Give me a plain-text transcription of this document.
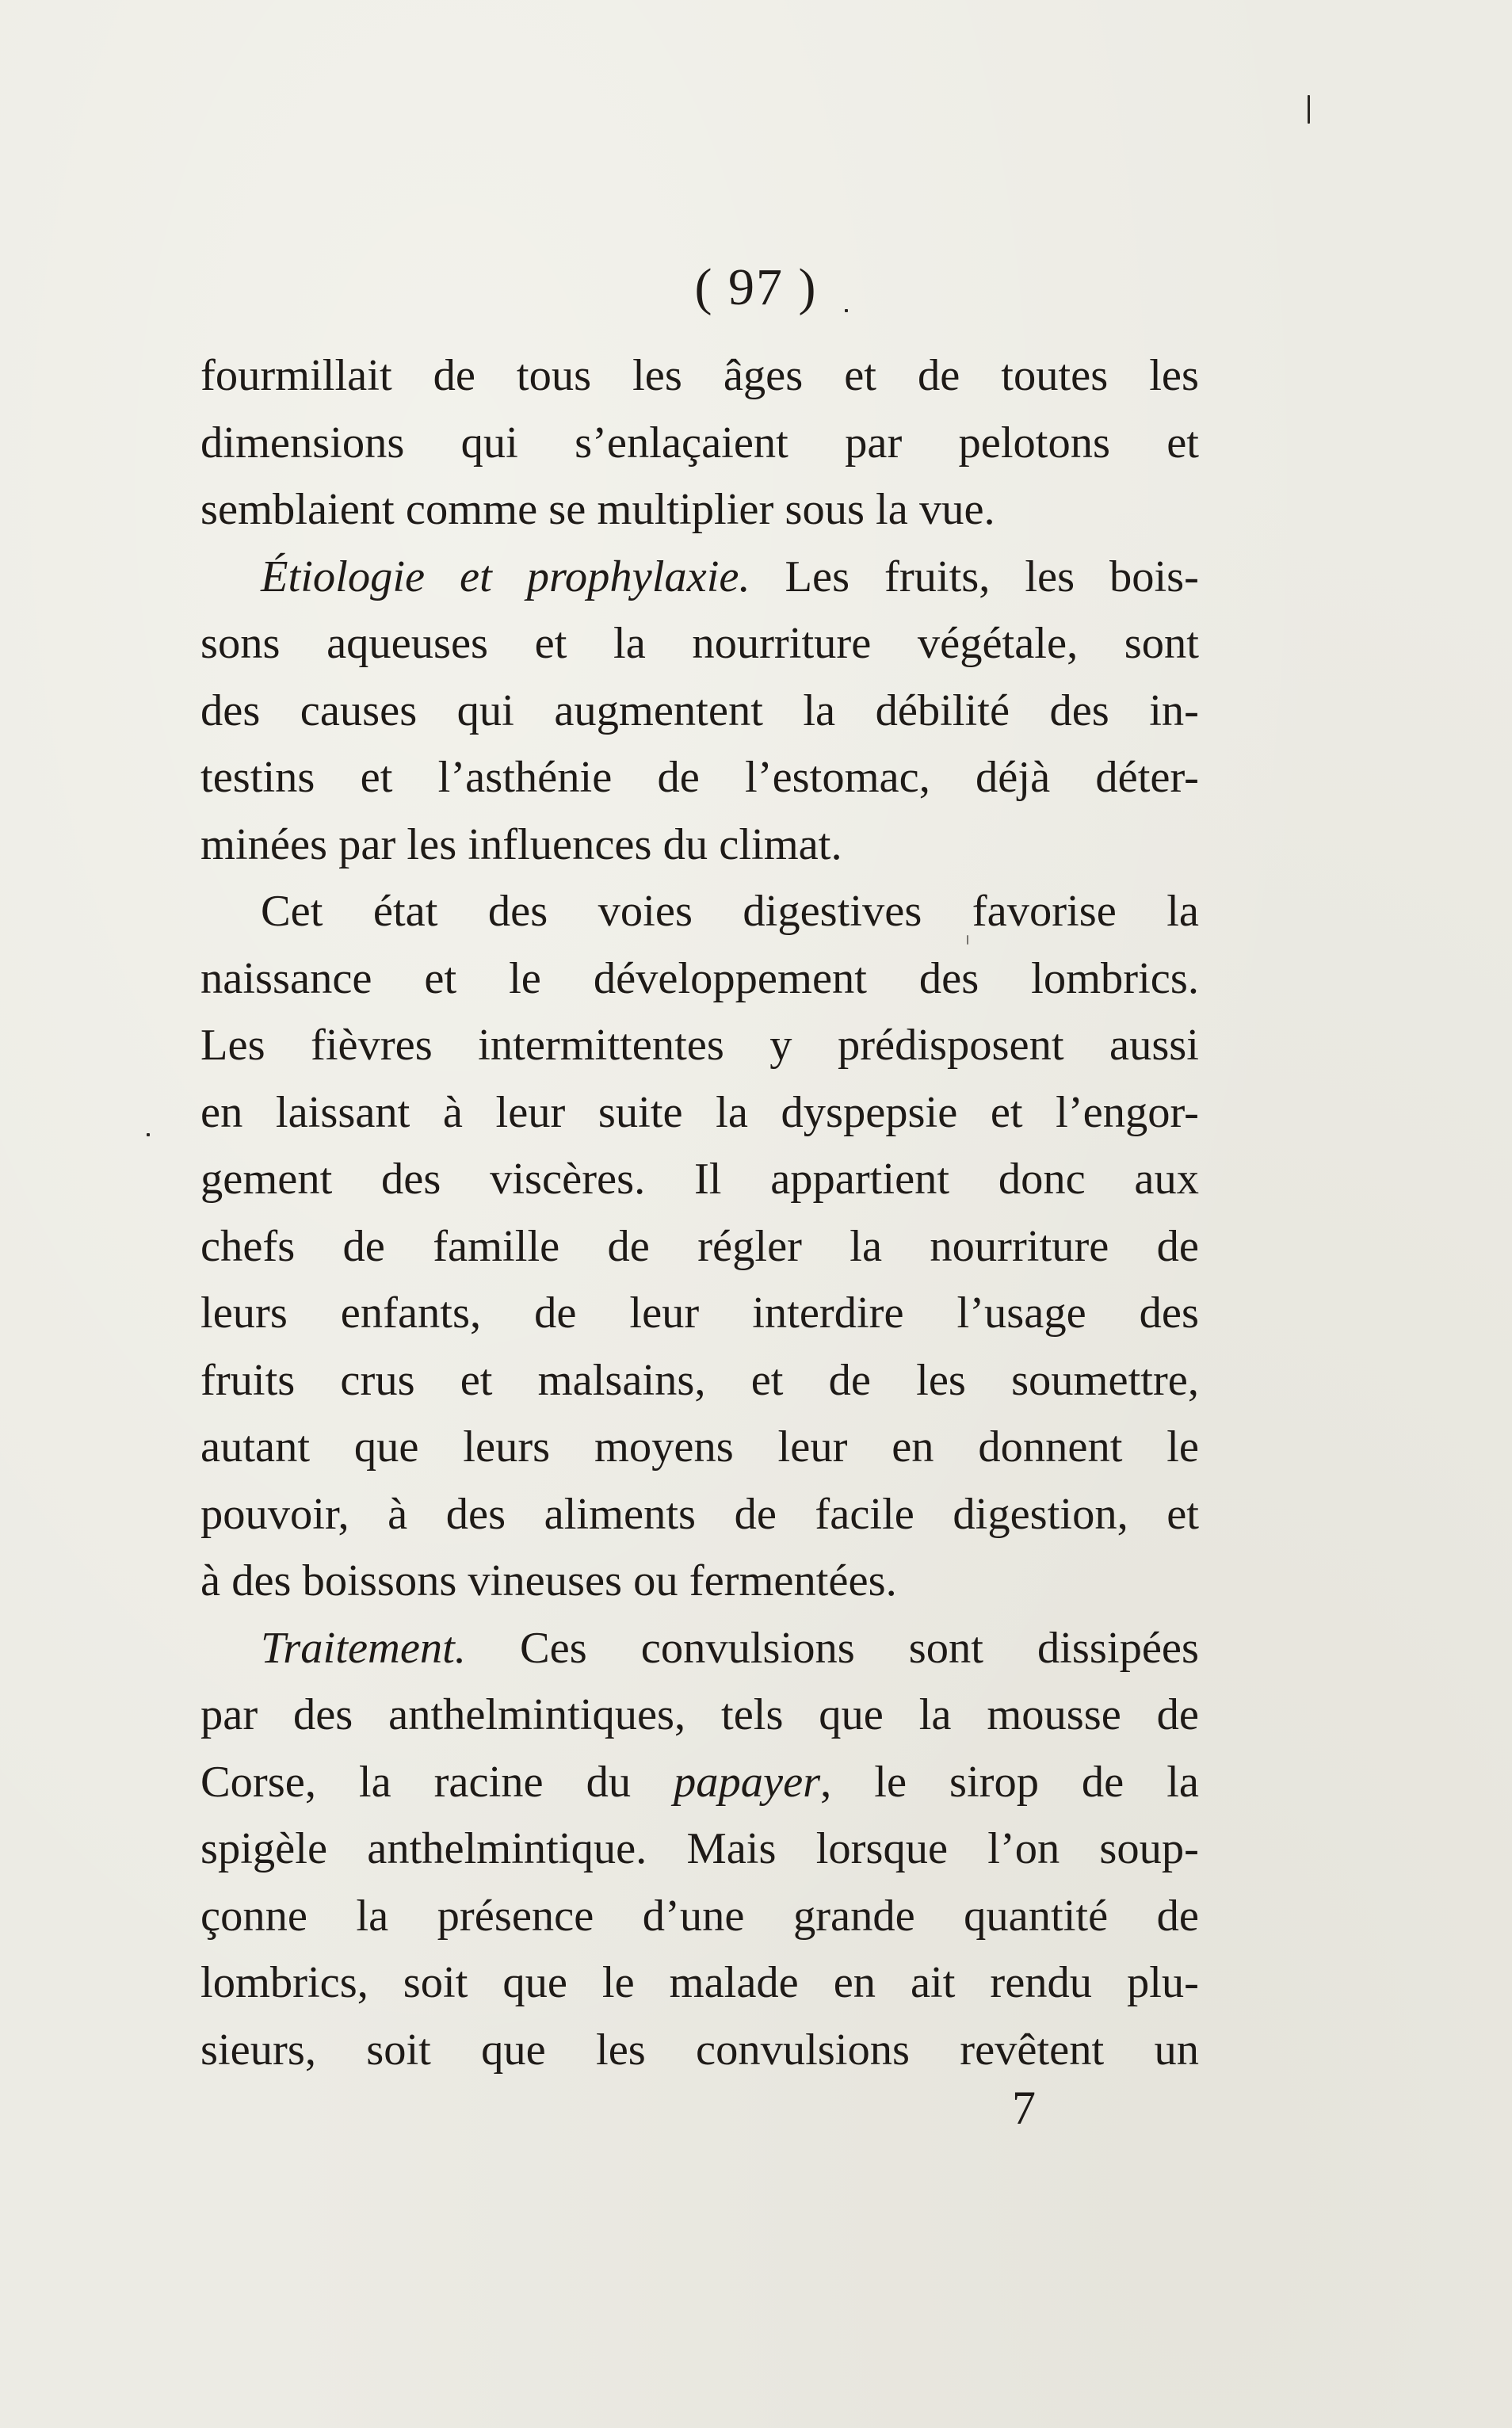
( 97 )
fourmillait de tous les âges et de toutes les
dimensions qui s’enlaçaient par pelotons et
semblaient comme se multiplier sous la vue.
Étiologie et prophylaxie. Les fruits, les bois-
sons aqueuses et la nourriture végétale, sont
des causes qui augmentent la débilité des in-
testins et l’asthénie de l’estomac, déjà déter-
minées par les influences du climat.
Cet état des voies digestives favorise la
naissance et le développement des lombrics.
Les fièvres intermittentes y prédisposent aussi
en laissant à leur suite la dyspepsie et l’engor-
gement des viscères. Il appartient donc aux
chefs de famille de régler la nourriture de
leurs enfants, de leur interdire l’usage des
fruits crus et malsains, et de les soumettre,
autant que leurs moyens leur en donnent le
pouvoir, à des aliments de facile digestion, et
à des boissons vineuses ou fermentées.
Traitement. Ces convulsions sont dissipées
par des anthelmintiques, tels que la mousse de
Corse, la racine du papayer, le sirop de la
spigèle anthelmintique. Mais lorsque l’on soup-
çonne la présence d’une grande quantité de
lombrics, soit que le malade en ait rendu plu-
sieurs, soit que les convulsions revêtent un
7
